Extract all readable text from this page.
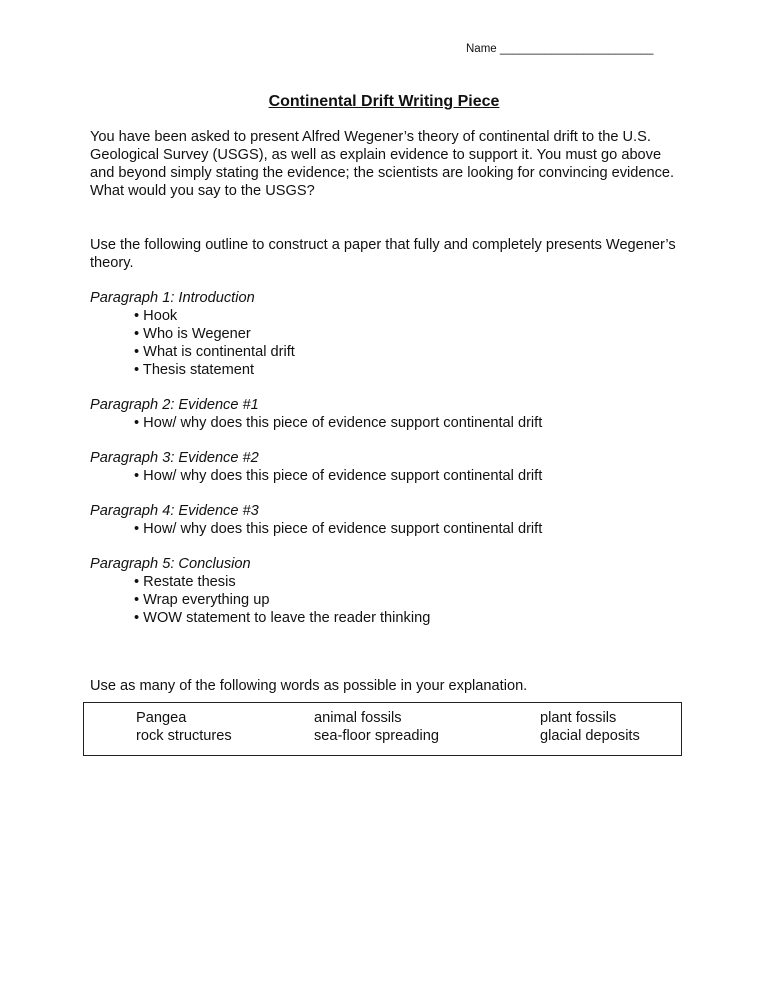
Name ________________________
Continental Drift Writing Piece
You have been asked to present Alfred Wegener’s theory of continental drift to the U.S. Geological Survey (USGS), as well as explain evidence to support it. You must go above and beyond simply stating the evidence; the scientists are looking for convincing evidence. What would you say to the USGS?
Use the following outline to construct a paper that fully and completely presents Wegener’s theory.
Paragraph 1: Introduction
• Hook
• Who is Wegener
• What is continental drift
• Thesis statement
Paragraph 2: Evidence #1
• How/ why does this piece of evidence support continental drift
Paragraph 3: Evidence #2
• How/ why does this piece of evidence support continental drift
Paragraph 4: Evidence #3
• How/ why does this piece of evidence support continental drift
Paragraph 5: Conclusion
• Restate thesis
• Wrap everything up
• WOW statement to leave the reader thinking
Use as many of the following words as possible in your explanation.
Pangea
rock structures
animal fossils
sea-floor spreading
plant fossils
glacial deposits
